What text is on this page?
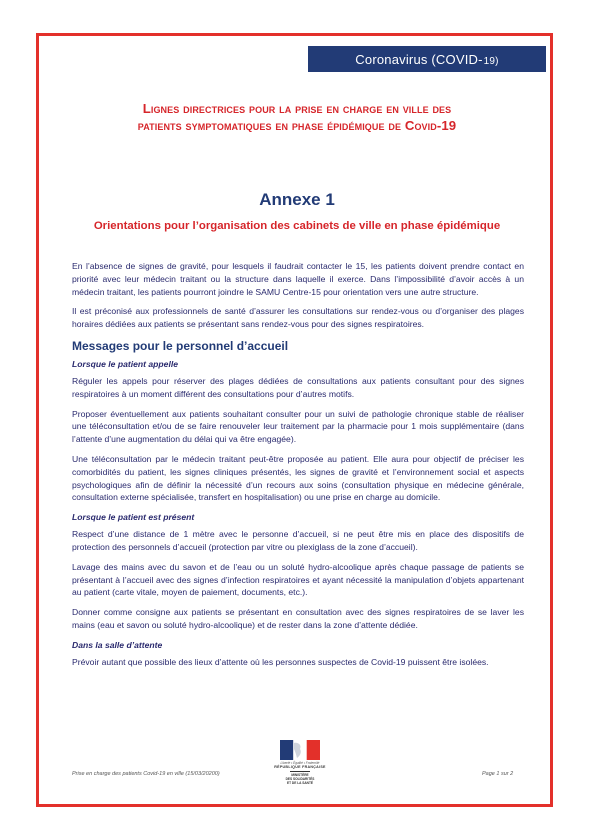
Coronavirus (COVID- 19)
Lignes directrices pour la prise en charge en ville des
patients symptomatiques en phase épidémique de Covid-19
Annexe 1
Orientations pour l’organisation des cabinets de ville en phase épidémique

En l’absence de signes de gravité, pour lesquels il faudrait contacter le 15, les patients doivent prendre contact en priorité avec leur médecin traitant ou la structure dans laquelle il exerce. Dans l’impossibilité d’avoir accès à un médecin traitant, les patients pourront joindre le SAMU Centre-15 pour orientation vers une autre structure.

Il est préconisé aux professionnels de santé d’assurer les consultations sur rendez-vous ou d’organiser des plages horaires dédiées aux patients se présentant sans rendez-vous pour des signes respiratoires.

Messages pour le personnel d’accueil
Lorsque le patient appelle

Réguler les appels pour réserver des plages dédiées de consultations aux patients consultant pour des signes respiratoires à un moment différent des consultations pour d’autres motifs.

Proposer éventuellement aux patients souhaitant consulter pour un suivi de pathologie chronique stable de réaliser une téléconsultation et/ou de se faire renouveler leur traitement par la pharmacie pour 1 mois supplémentaire (dans l’attente d’une augmentation du délai qui va être engagée).

Une téléconsultation par le médecin traitant peut-être proposée au patient. Elle aura pour objectif de préciser les comorbidités du patient, les signes cliniques présentés, les signes de gravité et l’environnement social et aspects psychologiques afin de définir la nécessité d’un recours aux soins (consultation physique en médecine générale, consultation externe spécialisée, transfert en hospitalisation) ou une prise en charge au domicile.

Lorsque le patient est présent

Respect d’une distance de 1 mètre avec le personne d’accueil, si ne peut être mis en place des dispositifs de protection des personnels d’accueil (protection par vitre ou plexiglass de la zone d’accueil).

Lavage des mains avec du savon et de l’eau ou un soluté hydro-alcoolique après chaque passage de patients se présentant à l’accueil avec des signes d’infection respiratoires et ayant nécessité la manipulation d’objets appartenant au patient (carte vitale, moyen de paiement, documents, etc.).

Donner comme consigne aux patients se présentant en consultation avec des signes respiratoires de se laver les mains (eau et savon ou soluté hydro-alcoolique) et de rester dans la zone d’attente dédiée.

Dans la salle d’attente

Prévoir autant que possible des lieux d’attente où les personnes suspectes de Covid-19 puissent être isolées.

Liberté • Égalité • Fraternité
RÉPUBLIQUE FRANÇAISE
MINISTÈRE
DES SOLIDARITÉS
ET DE LA SANTÉ
Prise en charge des patients Covid-19 en ville (15/03/20200)	Page 1 sur 2
